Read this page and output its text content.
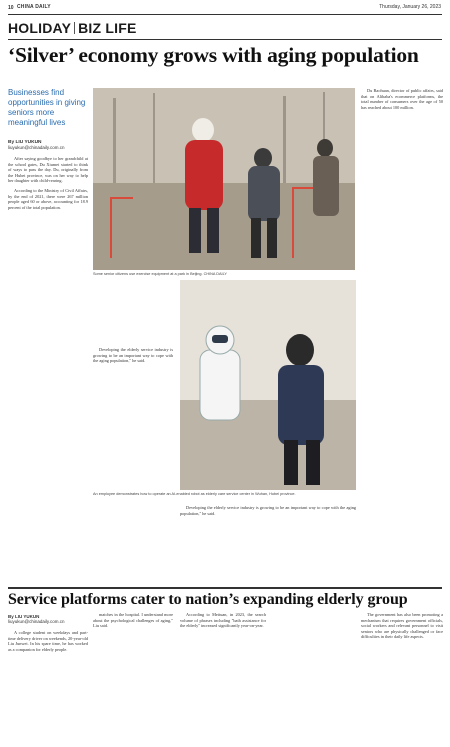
10 CHINA DAILY	Thursday, January 26, 2023
HOLIDAY BIZ LIFE
‘Silver’ economy grows with aging population
Businesses find opportunities in giving seniors more meaningful lives
By LIU YUKUN
liuyukun@chinadaily.com.cn

After saying goodbye to her grandchild at the school gates, Du Xiumei started to think of ways to pass the day. Du, originally from the Hubei province, was on her way to help her daughter with child-rearing.

According to the Ministry of Civil Affairs, by the end of 2021, there were 267 million people aged 60 or above, accounting for 18.9 percent of the total population.

Developing the elderly service industry is growing to be an important way to cope with the aging population," he said.

Du Baohuan, director of public affairs, said that on Alibaba's ecommerce platforms, the total number of consumers over the age of 50 has reached about 100 million.

Some senior citizens use exercise equipment at a park in Beijing. CHINA DAILY
An employee demonstrates how to operate an AI-enabled robot as elderly care service center in Wuhan, Hubei province.

Developing the elderly service industry is growing to be an important way to cope with the aging population," he said.

Service platforms cater to nation’s expanding elderly group
By LIU YUKUN
liuyukun@chinadaily.com.cn

A college student on weekdays and part-time delivery driver on weekends, 20-year-old Liu Junwei. In his spare time, he has worked as a companion for elderly people.

matches in the hospital. I understand more about the psychological challenges of aging," Liu said.

According to Meituan, in 2023, the search volume of phrases including "bath assistance for the elderly" increased significantly year-on-year.

The government has also been promoting a mechanism that requires government officials, social workers and relevant personnel to visit seniors who are physically challenged or face difficulties in their daily life aspects.
